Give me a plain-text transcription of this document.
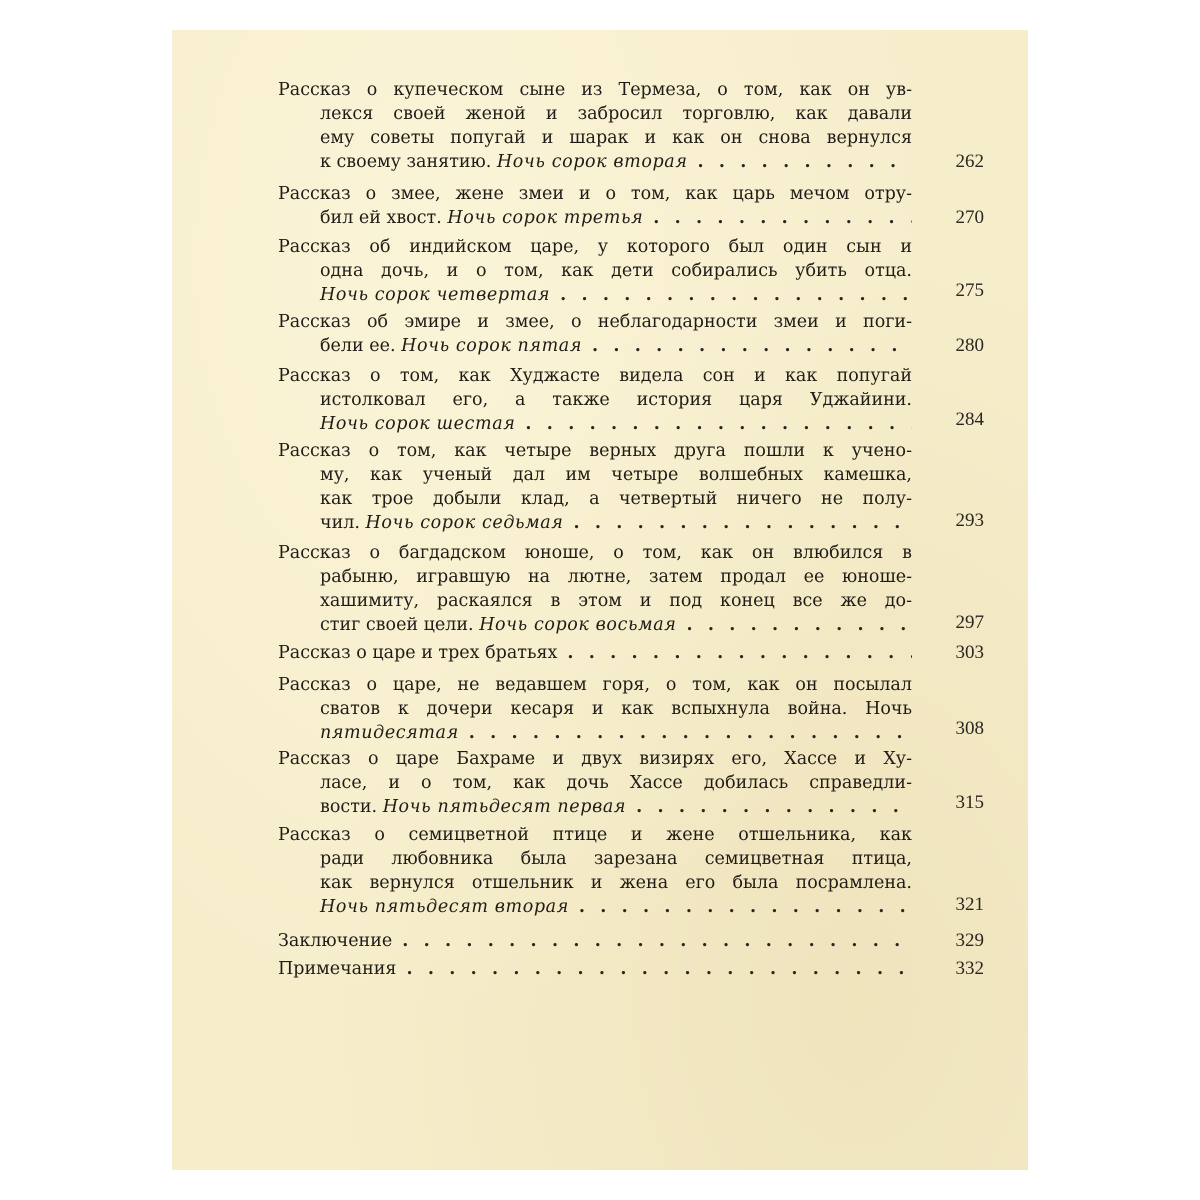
Рассказ о купеческом сыне из Термеза, о том, как он ув-
лекся своей женой и забросил торговлю, как давали
ему советы попугай и шарак и как он снова вернулся
к своему занятию.
Ночь сорок вторая . . .	262
Рассказ о змее, жене змеи и о том, как царь мечом отру-
бил ей хвост.
Ночь сорок третья . . .	270
Рассказ об индийском царе, у которого был один сын и
одна дочь, и о том, как дети собирались убить отца.
Ночь сорок четвертая . . .	275
Рассказ об эмире и змее, о неблагодарности змеи и поги-
бели ее.
Ночь сорок пятая . . .	280
Рассказ о том, как Худжасте видела сон и как попугай
истолковал его, а также история царя Уджайини.
Ночь сорок шестая . . .	284
Рассказ о том, как четыре верных друга пошли к учено-
му, как ученый дал им четыре волшебных камешка,
как трое добыли клад, а четвертый ничего не полу-
чил.
Ночь сорок седьмая . . .	293
Рассказ о багдадском юноше, о том, как он влюбился в
рабыню, игравшую на лютне, затем продал ее юноше-
хашимиту, раскаялся в этом и под конец все же до-
стиг своей цели.
Ночь сорок восьмая . . .	297
Рассказ о царе и трех братьях . . .	303
Рассказ о царе, не ведавшем горя, о том, как он посылал
сватов к дочери кесаря и как вспыхнула война. Ночь
пятидесятая . . .	308
Рассказ о царе Бахраме и двух визирях его, Хассе и Ху-
ласе, и о том, как дочь Хассе добилась справедли-
вости.
Ночь пятьдесят первая . . .	315
Рассказ о семицветной птице и жене отшельника, как
ради любовника была зарезана семицветная птица,
как вернулся отшельник и жена его была посрамлена.
Ночь пятьдесят вторая . . .	321
Заключение . . .	329
Примечания . . .	332
